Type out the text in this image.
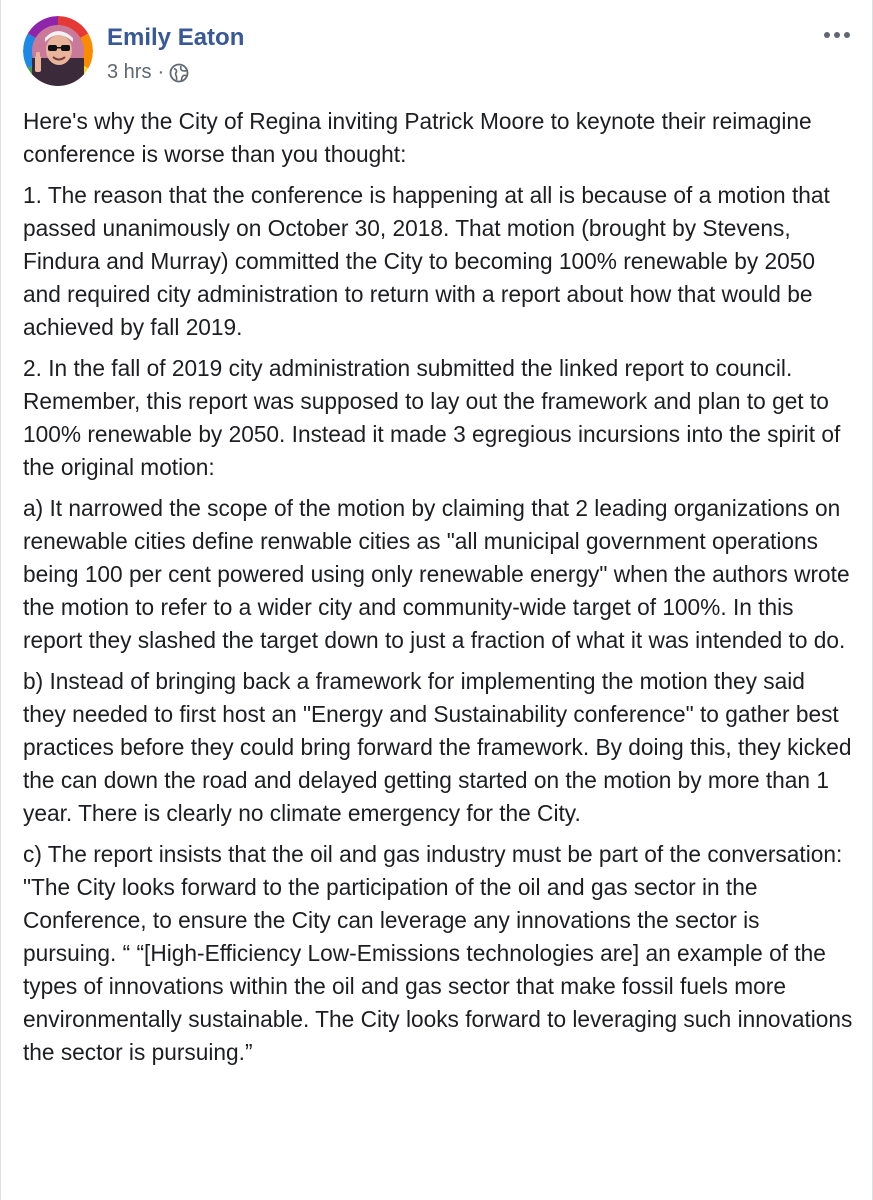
Emily Eaton
3 hrs ·

Here's why the City of Regina inviting Patrick Moore to keynote their reimagine conference is worse than you thought:

1. The reason that the conference is happening at all is because of a motion that passed unanimously on October 30, 2018. That motion (brought by Stevens, Findura and Murray) committed the City to becoming 100% renewable by 2050 and required city administration to return with a report about how that would be achieved by fall 2019.

2. In the fall of 2019 city administration submitted the linked report to council. Remember, this report was supposed to lay out the framework and plan to get to 100% renewable by 2050. Instead it made 3 egregious incursions into the spirit of the original motion:

a) It narrowed the scope of the motion by claiming that 2 leading organizations on renewable cities define renwable cities as "all municipal government operations being 100 per cent powered using only renewable energy" when the authors wrote the motion to refer to a wider city and community-wide target of 100%. In this report they slashed the target down to just a fraction of what it was intended to do.

b) Instead of bringing back a framework for implementing the motion they said they needed to first host an "Energy and Sustainability conference" to gather best practices before they could bring forward the framework. By doing this, they kicked the can down the road and delayed getting started on the motion by more than 1 year. There is clearly no climate emergency for the City.

c) The report insists that the oil and gas industry must be part of the conversation: "The City looks forward to the participation of the oil and gas sector in the Conference, to ensure the City can leverage any innovations the sector is pursuing. “ “[High-Efficiency Low-Emissions technologies are] an example of the types of innovations within the oil and gas sector that make fossil fuels more environmentally sustainable. The City looks forward to leveraging such innovations the sector is pursuing.”
